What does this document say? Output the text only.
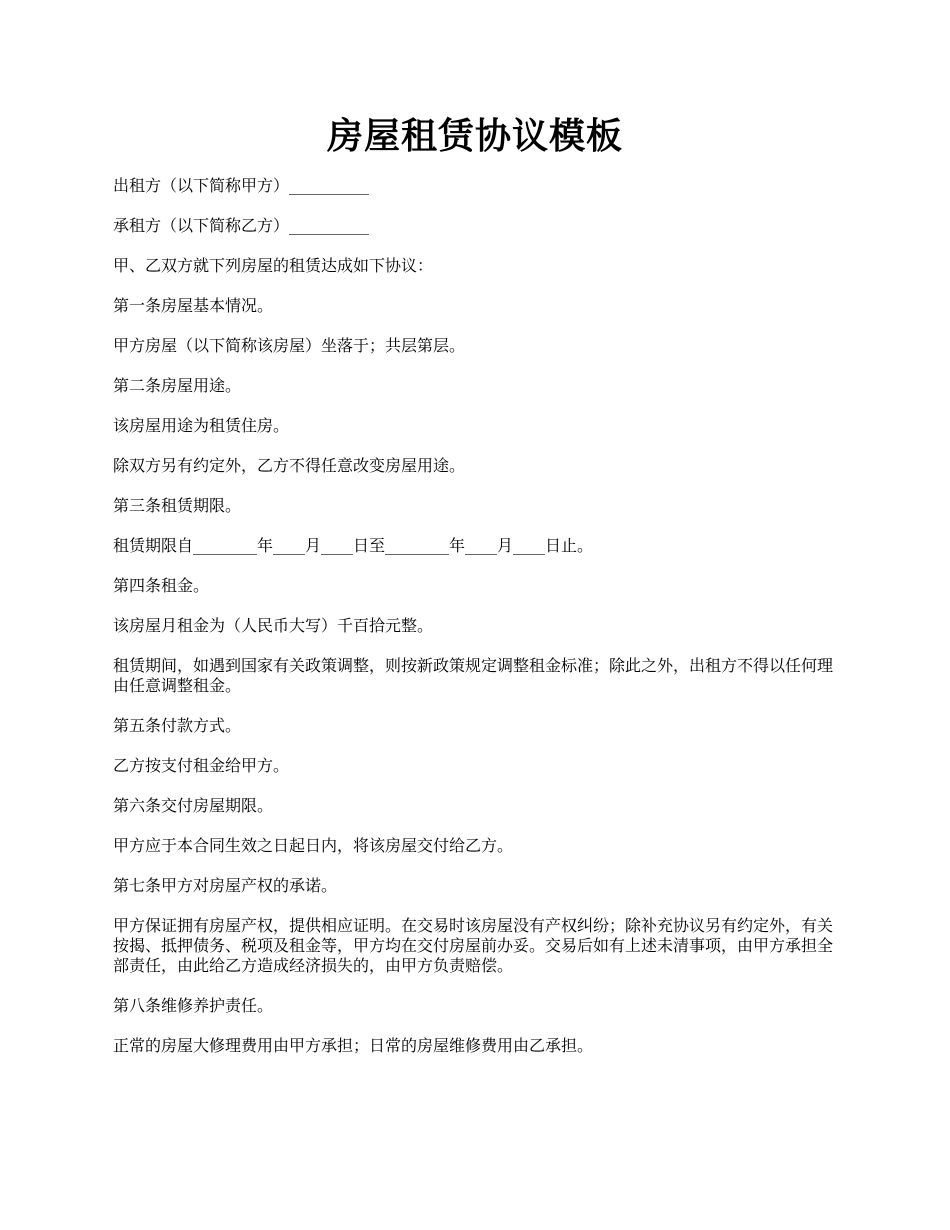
房屋租赁协议模板

出租方（以下简称甲方）__________

承租方（以下简称乙方）__________

甲、乙双方就下列房屋的租赁达成如下协议：

第一条房屋基本情况。

甲方房屋（以下简称该房屋）坐落于；共层第层。

第二条房屋用途。

该房屋用途为租赁住房。

除双方另有约定外，乙方不得任意改变房屋用途。

第三条租赁期限。

租赁期限自________年____月____日至________年____月____日止。

第四条租金。

该房屋月租金为（人民币大写）千百拾元整。

租赁期间，如遇到国家有关政策调整，则按新政策规定调整租金标准；除此之外，出租方不得以任何理由任意调整租金。

第五条付款方式。

乙方按支付租金给甲方。

第六条交付房屋期限。

甲方应于本合同生效之日起日内，将该房屋交付给乙方。

第七条甲方对房屋产权的承诺。

甲方保证拥有房屋产权，提供相应证明。在交易时该房屋没有产权纠纷；除补充协议另有约定外，有关按揭、抵押债务、税项及租金等，甲方均在交付房屋前办妥。交易后如有上述未清事项，由甲方承担全部责任，由此给乙方造成经济损失的，由甲方负责赔偿。

第八条维修养护责任。

正常的房屋大修理费用由甲方承担；日常的房屋维修费用由乙承担。
